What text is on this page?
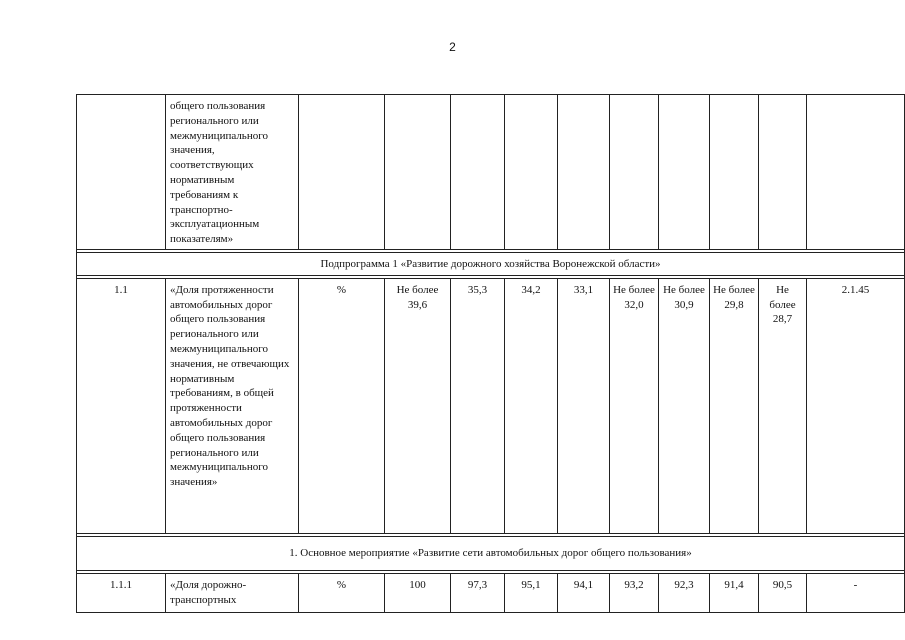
2
	общего пользования регионального или межмуниципального значения, соответствующих нормативным требованиям к транспортно-эксплуатационным показателям»										

Подпрограмма 1 «Развитие дорожного хозяйства Воронежской области»											

1.1	«Доля протяженности автомобильных дорог общего пользования регионального или межмуниципального значения, не отвечающих нормативным требованиям, в общей протяженности автомобильных дорог общего пользования регионального или межмуниципального значения»	%	Не более 39,6	35,3	34,2	33,1	Не более 32,0	Не более 30,9	Не более 29,8	Не более 28,7	2.1.45

1. Основное мероприятие «Развитие сети автомобильных дорог общего пользования»											

1.1.1	«Доля дорожно-транспортных	%	100	97,3	95,1	94,1	93,2	92,3	91,4	90,5	-
